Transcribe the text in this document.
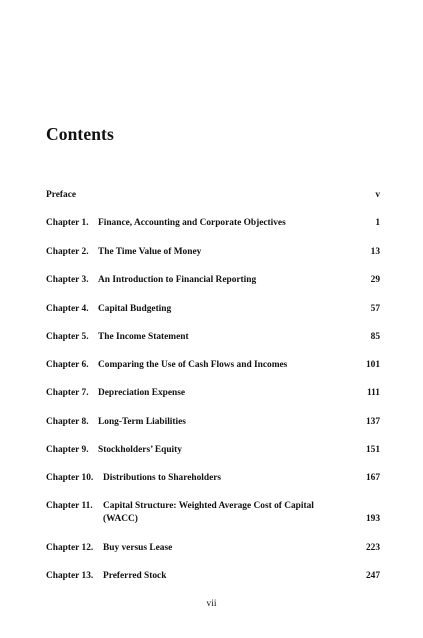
Contents
Preface	v
Chapter 1. Finance, Accounting and Corporate Objectives	1
Chapter 2. The Time Value of Money	13
Chapter 3. An Introduction to Financial Reporting	29
Chapter 4. Capital Budgeting	57
Chapter 5. The Income Statement	85
Chapter 6. Comparing the Use of Cash Flows and Incomes	101
Chapter 7. Depreciation Expense	111
Chapter 8. Long-Term Liabilities	137
Chapter 9. Stockholders’ Equity	151
Chapter 10. Distributions to Shareholders	167
Chapter 11. Capital Structure: Weighted Average Cost of Capital (WACC)	193
Chapter 12. Buy versus Lease	223
Chapter 13. Preferred Stock	247
vii
